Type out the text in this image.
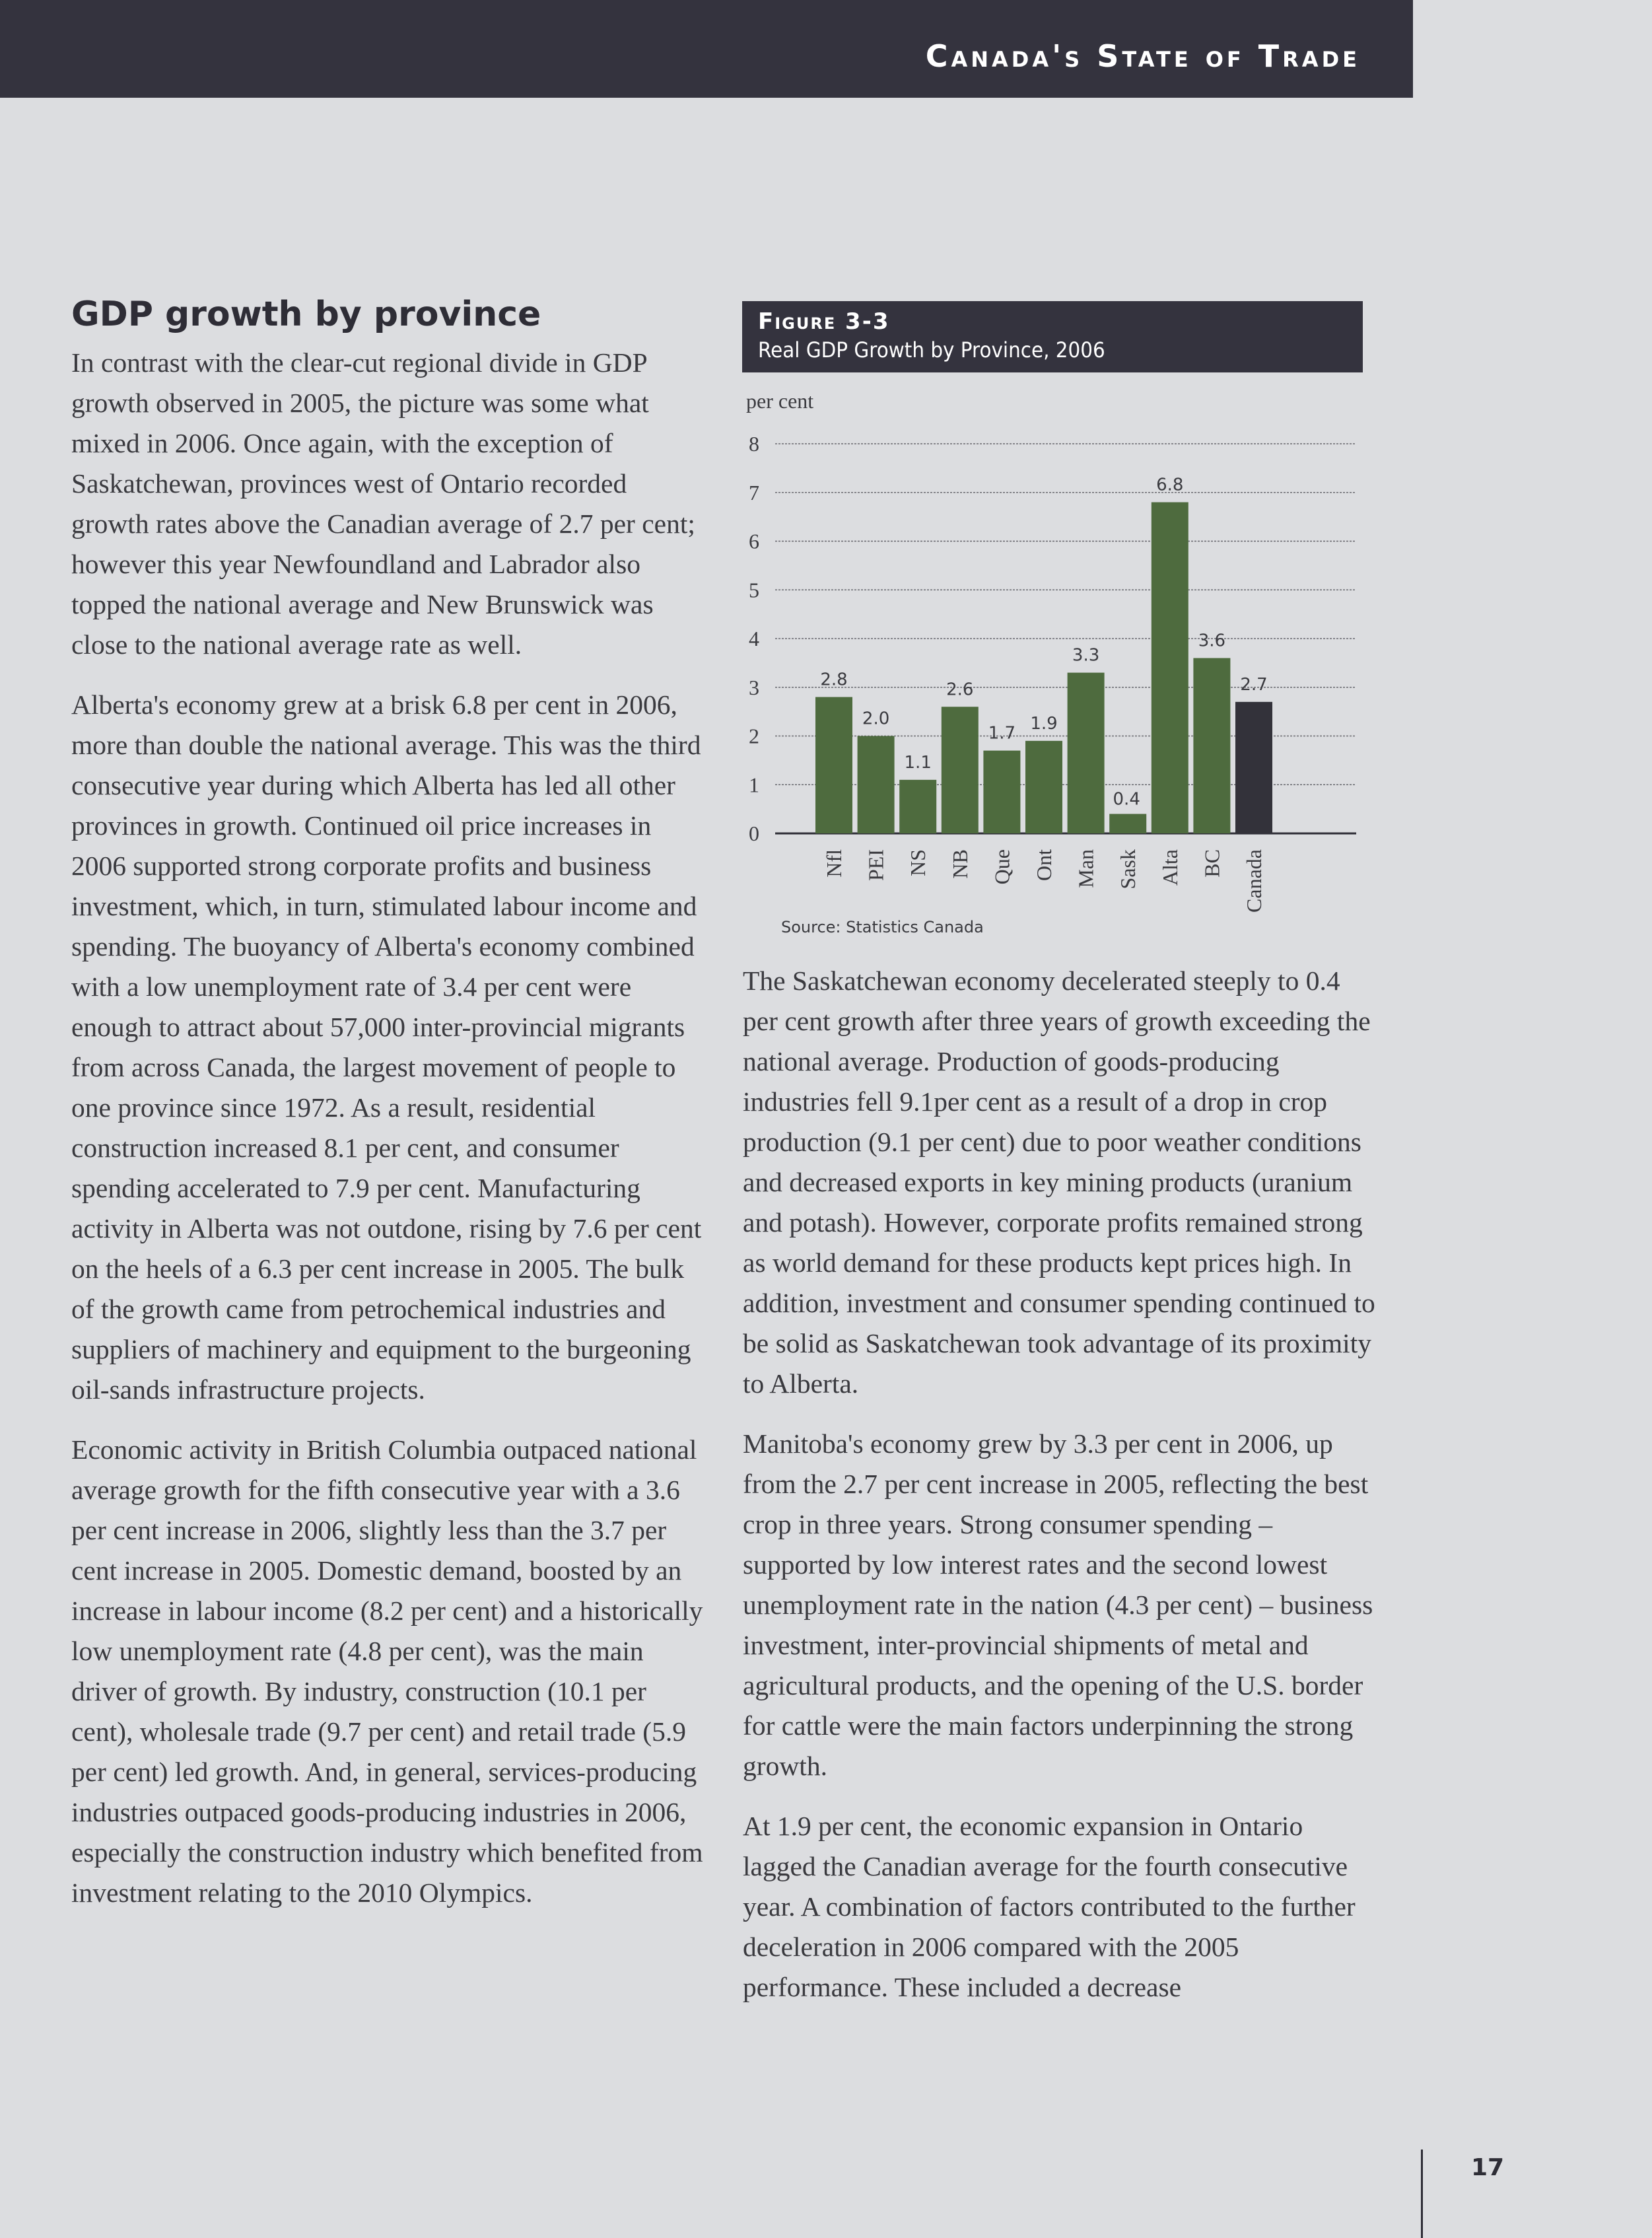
Canada's State of Trade
GDP growth by province

In contrast with the clear-cut regional divide in GDP growth observed in 2005, the picture was some what mixed in 2006. Once again, with the exception of Saskatchewan, provinces west of Ontario recorded growth rates above the Canadian average of 2.7 per cent; however this year Newfoundland and Labrador also topped the national average and New Brunswick was close to the national average rate as well.

Alberta's economy grew at a brisk 6.8 per cent in 2006, more than double the national average. This was the third consecutive year during which Alberta has led all other provinces in growth. Continued oil price increases in 2006 supported strong corporate profits and business investment, which, in turn, stimulated labour income and spending. The buoyancy of Alberta's economy combined with a low unemployment rate of 3.4 per cent were enough to attract about 57,000 inter-provincial migrants from across Canada, the largest movement of people to one province since 1972. As a result, residential construction increased 8.1 per cent, and consumer spending accelerated to 7.9 per cent. Manufacturing activity in Alberta was not outdone, rising by 7.6 per cent on the heels of a 6.3 per cent increase in 2005. The bulk of the growth came from petrochemical industries and suppliers of machinery and equipment to the burgeoning oil-sands infrastructure projects.

Economic activity in British Columbia outpaced national average growth for the fifth consecutive year with a 3.6 per cent increase in 2006, slightly less than the 3.7 per cent increase in 2005. Domestic demand, boosted by an increase in labour income (8.2 per cent) and a historically low unemployment rate (4.8 per cent), was the main driver of growth. By industry, construction (10.1 per cent), wholesale trade (9.7 per cent) and retail trade (5.9 per cent) led growth. And, in general, services-producing industries outpaced goods-producing industries in 2006, especially the construction industry which benefited from investment relating to the 2010 Olympics.

Figure 3-3
Real GDP Growth by Province, 2006
per cent
0
1
2
3
4
5
6
7
8
2.8
Nfl
2.0
PEI
1.1
NS
2.6
NB
1.7
Que
1.9
Ont
3.3
Man
0.4
Sask
6.8
Alta
3.6
BC
2.7
Canada
Source: Statistics Canada

The Saskatchewan economy decelerated steeply to 0.4 per cent growth after three years of growth exceeding the national average. Production of goods-producing industries fell 9.1per cent as a result of a drop in crop production (9.1 per cent) due to poor weather conditions and decreased exports in key mining products (uranium and potash). However, corporate profits remained strong as world demand for these products kept prices high. In addition, investment and consumer spending continued to be solid as Saskatchewan took advantage of its proximity to Alberta.

Manitoba's economy grew by 3.3 per cent in 2006, up from the 2.7 per cent increase in 2005, reflecting the best crop in three years. Strong consumer spending – supported by low interest rates and the second lowest unemployment rate in the nation (4.3 per cent) – business investment, inter-provincial shipments of metal and agricultural products, and the opening of the U.S. border for cattle were the main factors underpinning the strong growth.

At 1.9 per cent, the economic expansion in Ontario lagged the Canadian average for the fourth consecutive year. A combination of factors contributed to the further deceleration in 2006 compared with the 2005 performance. These included a decrease

17
